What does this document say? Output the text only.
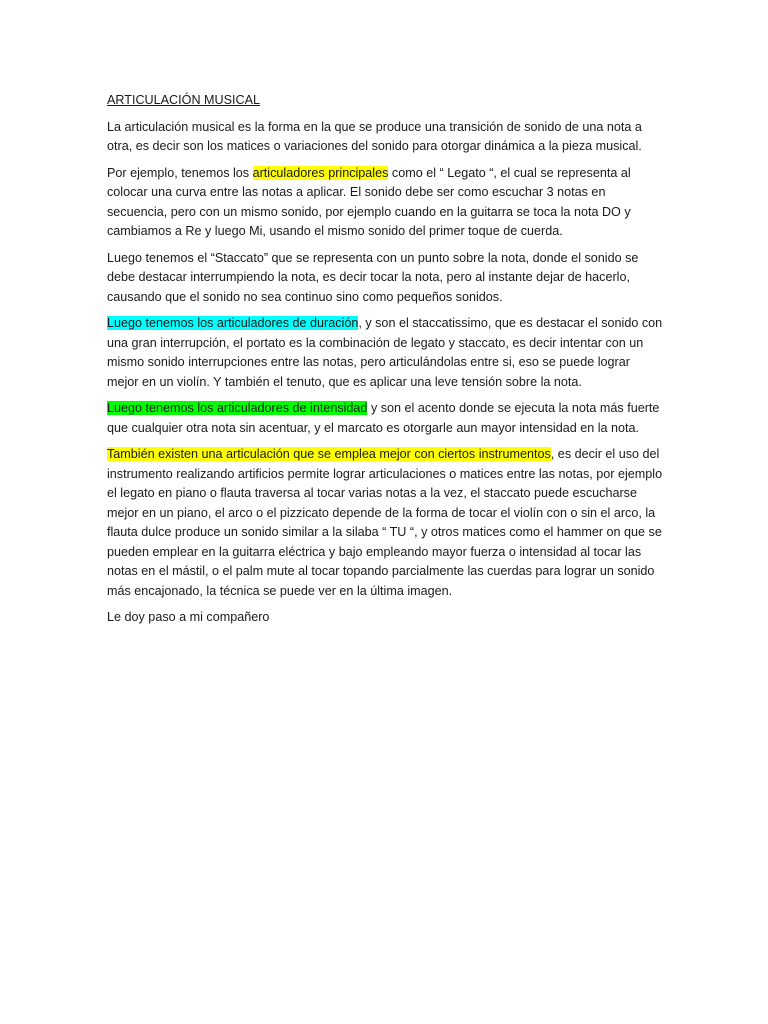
ARTICULACIÓN MUSICAL

La articulación musical es la forma en la que se produce una transición de sonido de una nota a otra, es decir son los matices o variaciones del sonido para otorgar dinámica a la pieza musical.

Por ejemplo, tenemos los articuladores principales como el “ Legato “, el cual se representa al colocar una curva entre las notas a aplicar. El sonido debe ser como escuchar 3 notas en secuencia, pero con un mismo sonido, por ejemplo cuando en la guitarra se toca la nota DO y cambiamos a Re y luego Mi, usando el mismo sonido del primer toque de cuerda.

Luego tenemos el “Staccato” que se representa con un punto sobre la nota, donde el sonido se debe destacar interrumpiendo la nota, es decir tocar la nota, pero al instante dejar de hacerlo, causando que el sonido no sea continuo sino como pequeños sonidos.

Luego tenemos los articuladores de duración, y son el staccatissimo, que es destacar el sonido con una gran interrupción, el portato es la combinación de legato y staccato, es decir intentar con un mismo sonido interrupciones entre las notas, pero articulándolas entre si, eso se puede lograr mejor en un violín. Y también el tenuto, que es aplicar una leve tensión sobre la nota.

Luego tenemos los articuladores de intensidad y son el acento donde se ejecuta la nota más fuerte que cualquier otra nota sin acentuar, y el marcato es otorgarle aun mayor intensidad en la nota.

También existen una articulación que se emplea mejor con ciertos instrumentos, es decir el uso del instrumento realizando artificios permite lograr articulaciones o matices entre las notas, por ejemplo el legato en piano o flauta traversa al tocar varias notas a la vez, el staccato puede escucharse mejor en un piano, el arco o el pizzicato depende de la forma de tocar el violín con o sin el arco, la flauta dulce produce un sonido similar a la silaba “ TU “, y otros matices como el hammer on que se pueden emplear en la guitarra eléctrica y bajo empleando mayor fuerza o intensidad al tocar las notas en el mástil, o el palm mute al tocar topando parcialmente las cuerdas para lograr un sonido más encajonado, la técnica se puede ver en la última imagen.

Le doy paso a mi compañero
